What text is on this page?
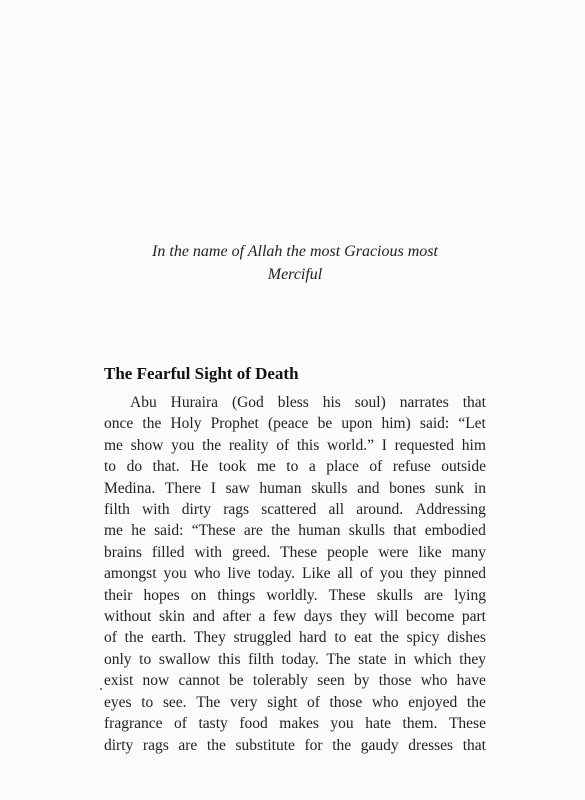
In the name of Allah the most Gracious most
Merciful
The Fearful Sight of Death
Abu Huraira (God bless his soul) narrates that
once the Holy Prophet (peace be upon him) said: “Let
me show you the reality of this world.” I requested him
to do that. He took me to a place of refuse outside
Medina. There I saw human skulls and bones sunk in
filth with dirty rags scattered all around. Addressing
me he said: “These are the human skulls that embodied
brains filled with greed. These people were like many
amongst you who live today. Like all of you they pinned
their hopes on things worldly. These skulls are lying
without skin and after a few days they will become part
of the earth. They struggled hard to eat the spicy dishes
only to swallow this filth today. The state in which they
exist now cannot be tolerably seen by those who have
eyes to see. The very sight of those who enjoyed the
fragrance of tasty food makes you hate them. These
dirty rags are the substitute for the gaudy dresses that
